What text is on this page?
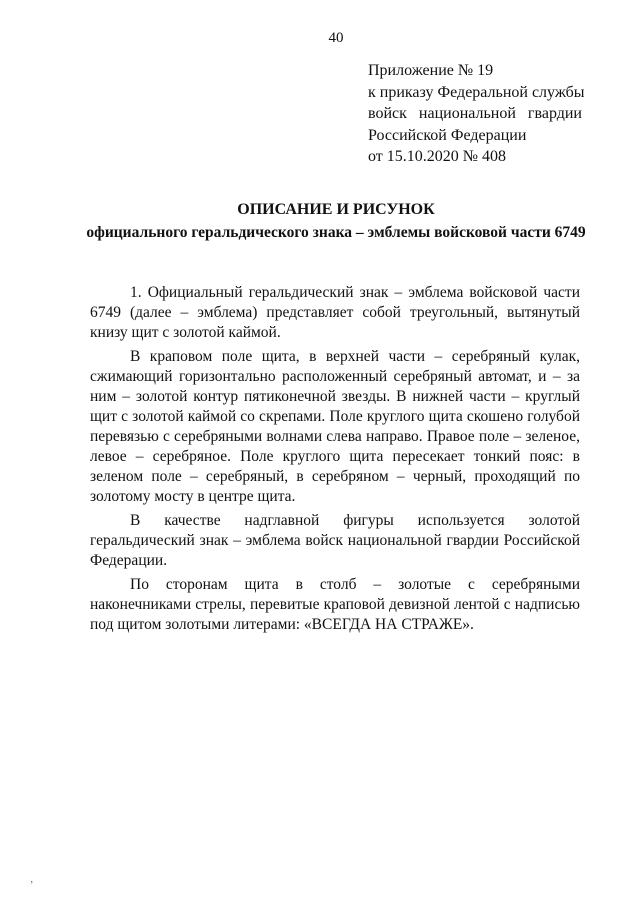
40
Приложение № 19
к приказу Федеральной службы
войск национальной гвардии
Российской Федерации
от 15.10.2020 № 408
ОПИСАНИЕ И РИСУНОК
официального геральдического знака – эмблемы войсковой части 6749

1. Официальный геральдический знак – эмблема войсковой части 6749 (далее – эмблема) представляет собой треугольный, вытянутый книзу щит с золотой каймой.

В краповом поле щита, в верхней части – серебряный кулак, сжимающий горизонтально расположенный серебряный автомат, и – за ним – золотой контур пятиконечной звезды. В нижней части – круглый щит с золотой каймой со скрепами. Поле круглого щита скошено голубой перевязью с серебряными волнами слева направо. Правое поле – зеленое, левое – серебряное. Поле круглого щита пересекает тонкий пояс: в зеленом поле – серебряный, в серебряном – черный, проходящий по золотому мосту в центре щита.

В качестве надглавной фигуры используется золотой геральдический знак – эмблема войск национальной гвардии Российской Федерации.

По сторонам щита в столб – золотые с серебряными наконечниками стрелы, перевитые краповой девизной лентой с надписью под щитом золотыми литерами: «ВСЕГДА НА СТРАЖЕ».

’
